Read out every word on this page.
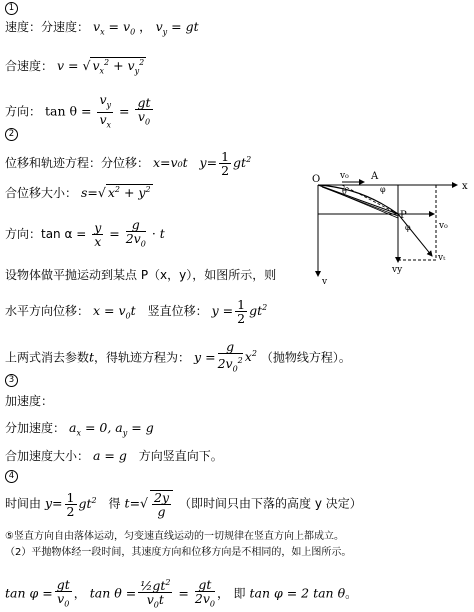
1
速度：分速度： $v_x = v_0$ ， $v_y$ = gt
合速度： v = √ $v_x^2 + v_y^2$
方向： $\tan \theta = \frac{v_y}{v_x} = \frac{gt}{v_0}$
2
位移和轨迹方程：分位移： x=v₀t $y= \frac{1}{2} gt^2$
合位移大小： s=√ $x^2 + y^2$
方向：$\tan \alpha = \frac{y}{x} = \frac{g}{2v_0} \cdot t$
设物体做平抛运动到某点 P（x，y），如图所示，则
水平方向位移： $x = v_0t$ 竖直位移： $y = \frac{1}{2} gt^2$
上两式消去参数t，得轨迹方程为： $y = \frac{g}{2v_0^2} x^2$ （抛物线方程）。
3
加速度：
分加速度： $a_x = 0$, $a_y = g$
合加速度大小： a = g 方向竖直向下。
4
时间由 $y= \frac{1}{2} gt^2$ 得 $t=√ \frac{2y}{g}$ （即时间只由下落的高度 y 决定）
⑤竖直方向自由落体运动，匀变速直线运动的一切规律在竖直方向上都成立。
（2）平抛物体经一段时间，其速度方向和位移方向是不相同的，如上图所示。
$\tan \varphi = \frac{gt}{v_0}$ ， $\tan \theta = \frac{\frac{1}{2}gt^2}{v_0t} = \frac{gt}{2v_0}$ ， 即 tan φ = 2 tan θ。
O v₀ A
x
θ	φ
P
φ	v₀
vₜ
vy
v
